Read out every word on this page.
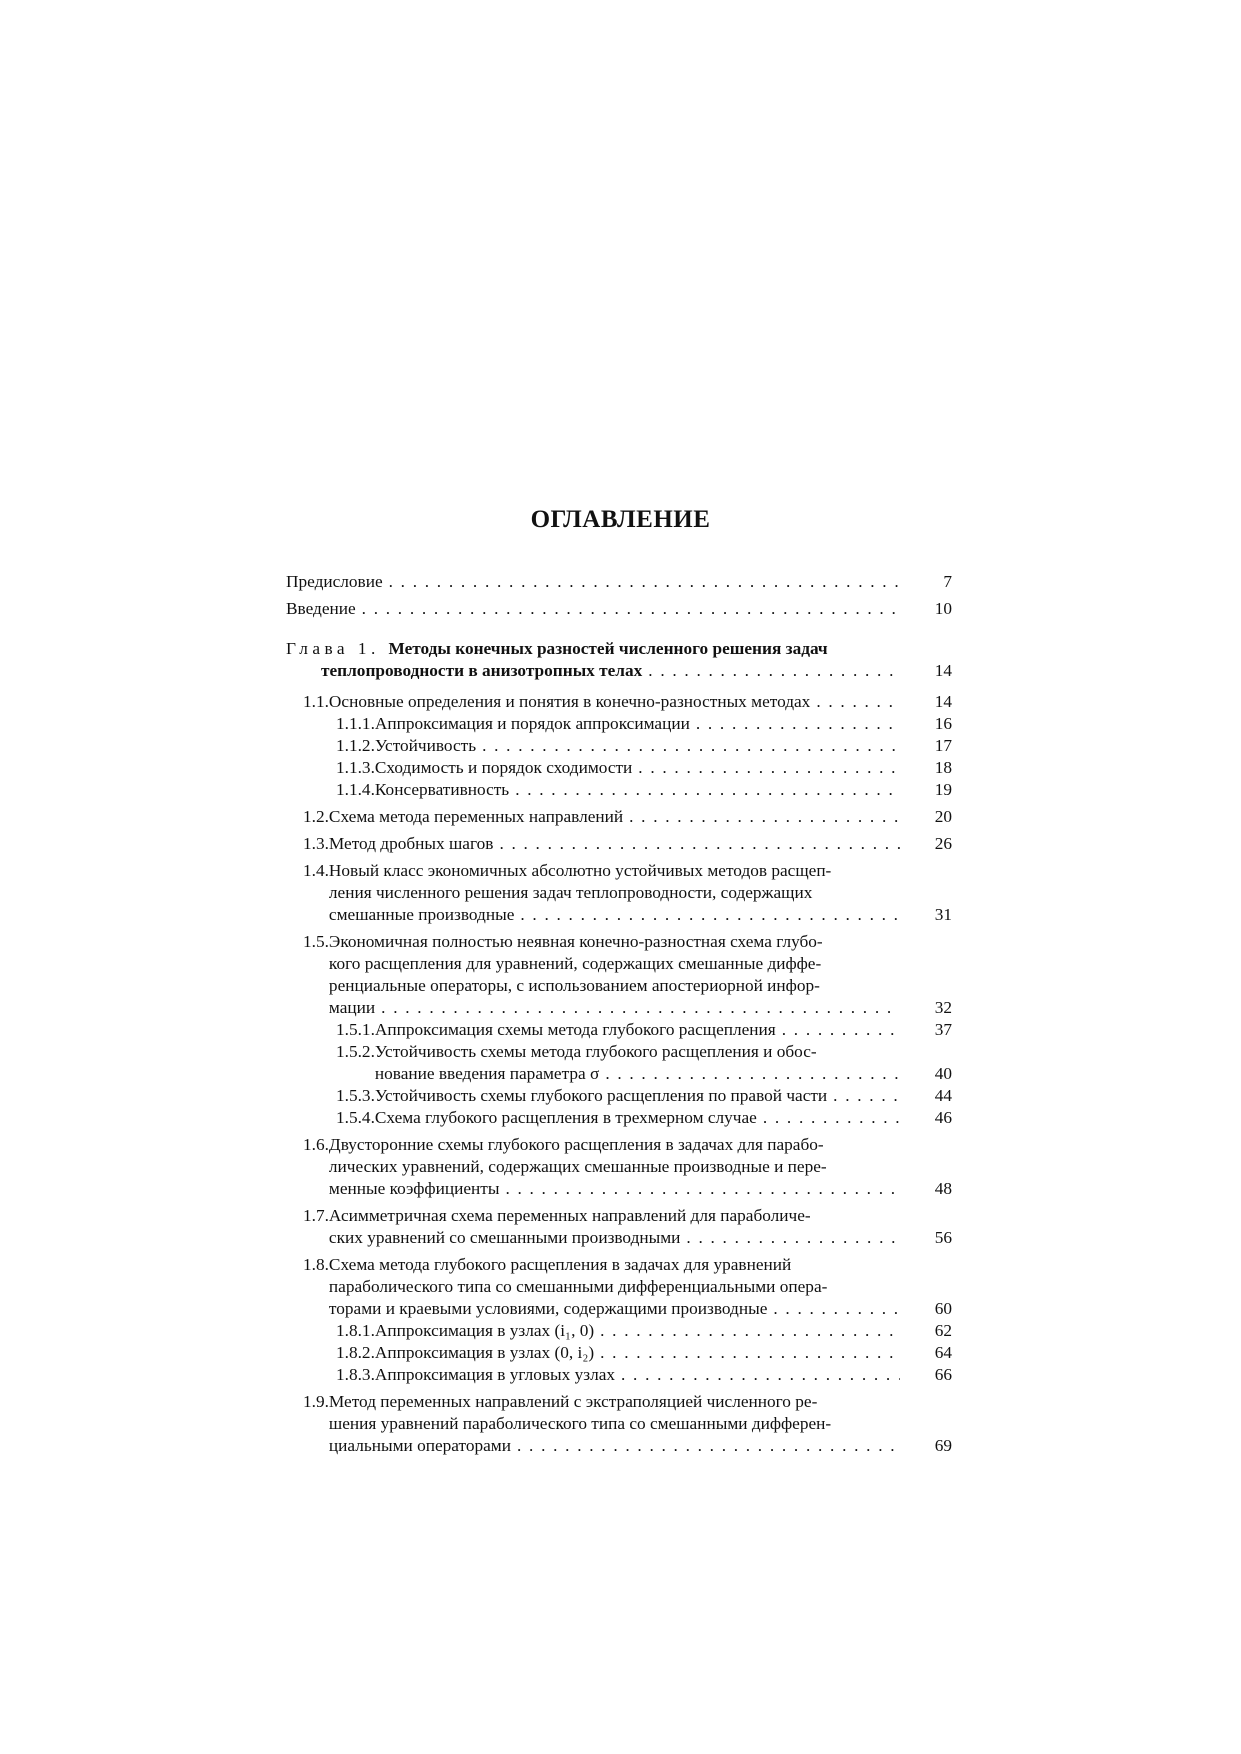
ОГЛАВЛЕНИЕ
Предисловие . . .	7
Введение . . .	10
Глава 1. Методы конечных разностей численного решения задач
теплопроводности в анизотропных телах . . .	14
1.1. Основные определения и понятия в конечно-разностных методах . . .	14
1.1.1. Аппроксимация и порядок аппроксимации . . .	16
1.1.2. Устойчивость . . .	17
1.1.3. Сходимость и порядок сходимости . . .	18
1.1.4. Консервативность . . .	19
1.2. Схема метода переменных направлений . . .	20
1.3. Метод дробных шагов . . .	26
1.4. Новый класс экономичных абсолютно устойчивых методов расщеп-
ления численного решения задач теплопроводности, содержащих
смешанные производные . . .	31
1.5. Экономичная полностью неявная конечно-разностная схема глубо-
кого расщепления для уравнений, содержащих смешанные диффе-
ренциальные операторы, с использованием апостериорной инфор-
мации . . .	32
1.5.1. Аппроксимация схемы метода глубокого расщепления . . .	37
1.5.2. Устойчивость схемы метода глубокого расщепления и обос-
нование введения параметра σ . . .	40
1.5.3. Устойчивость схемы глубокого расщепления по правой части . . .	44
1.5.4. Схема глубокого расщепления в трехмерном случае . . .	46
1.6. Двусторонние схемы глубокого расщепления в задачах для парабо-
лических уравнений, содержащих смешанные производные и пере-
менные коэффициенты . . .	48
1.7. Асимметричная схема переменных направлений для параболиче-
ских уравнений со смешанными производными . . .	56
1.8. Схема метода глубокого расщепления в задачах для уравнений
параболического типа со смешанными дифференциальными опера-
торами и краевыми условиями, содержащими производные . . .	60
1.8.1. Аппроксимация в узлах (i₁, 0) . . .	62
1.8.2. Аппроксимация в узлах (0, i₂) . . .	64
1.8.3. Аппроксимация в угловых узлах . . .	66
1.9. Метод переменных направлений с экстраполяцией численного ре-
шения уравнений параболического типа со смешанными дифферен-
циальными операторами . . .	69
